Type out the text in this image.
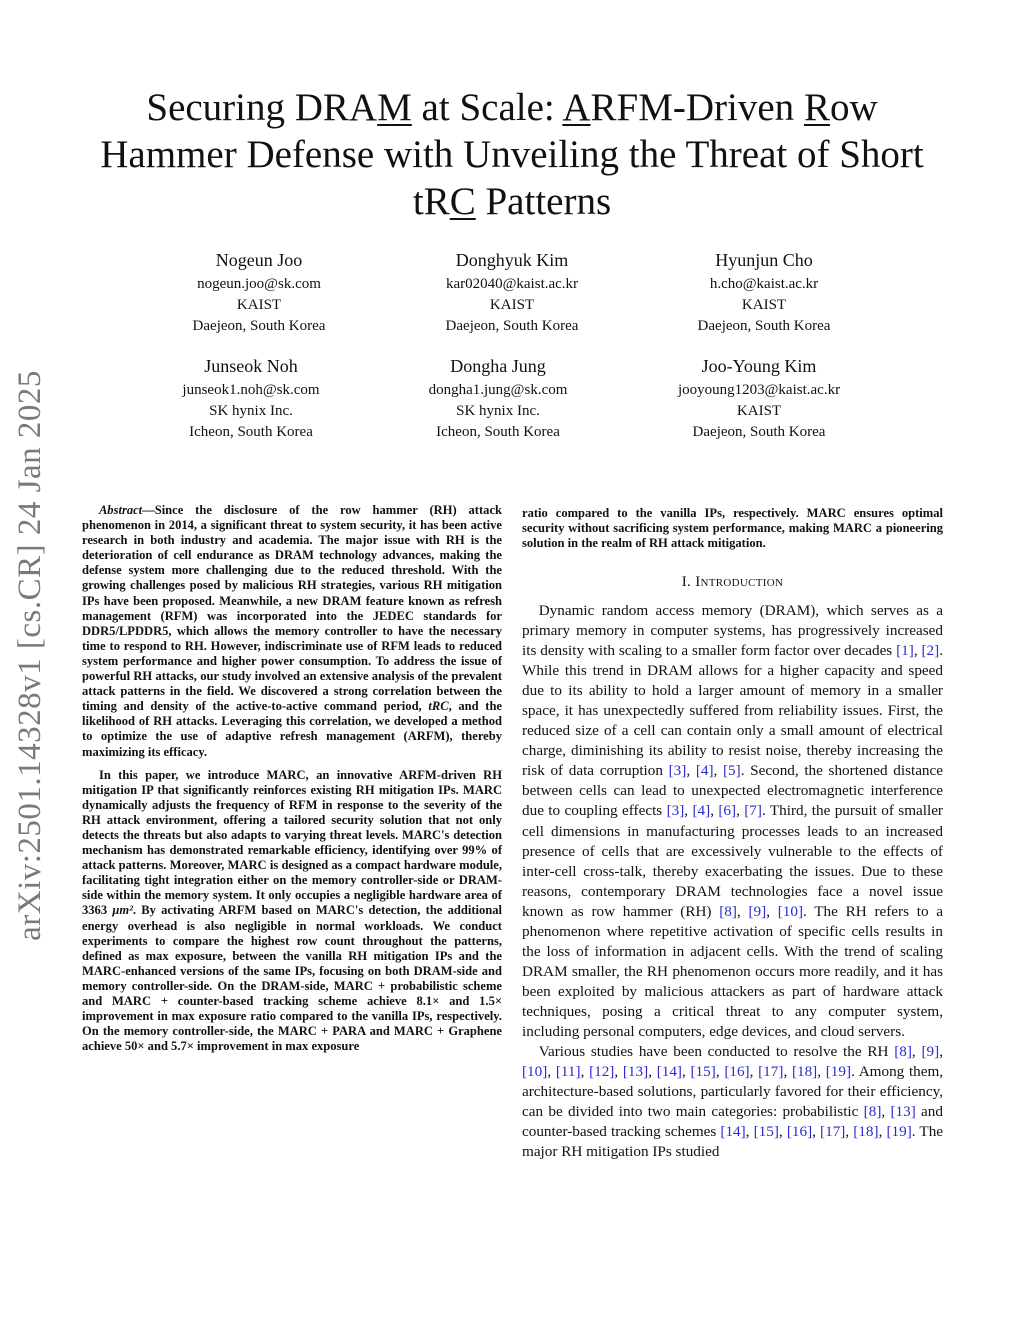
arXiv:2501.14328v1 [cs.CR] 24 Jan 2025
Securing DRAM at Scale: ARFM-Driven Row
Hammer Defense with Unveiling the Threat of Short
tRC Patterns
Nogeun Joo
nogeun.joo@sk.com
KAIST
Daejeon, South Korea
Donghyuk Kim
kar02040@kaist.ac.kr
KAIST
Daejeon, South Korea
Hyunjun Cho
h.cho@kaist.ac.kr
KAIST
Daejeon, South Korea
Junseok Noh
junseok1.noh@sk.com
SK hynix Inc.
Icheon, South Korea
Dongha Jung
dongha1.jung@sk.com
SK hynix Inc.
Icheon, South Korea
Joo-Young Kim
jooyoung1203@kaist.ac.kr
KAIST
Daejeon, South Korea

Abstract—Since the disclosure of the row hammer (RH) attack phenomenon in 2014, a significant threat to system security, it has been active research in both industry and academia. The major issue with RH is the deterioration of cell endurance as DRAM technology advances, making the defense system more challenging due to the reduced threshold. With the growing challenges posed by malicious RH strategies, various RH mitigation IPs have been proposed. Meanwhile, a new DRAM feature known as refresh management (RFM) was incorporated into the JEDEC standards for DDR5/LPDDR5, which allows the memory controller to have the necessary time to respond to RH. However, indiscriminate use of RFM leads to reduced system performance and higher power consumption. To address the issue of powerful RH attacks, our study involved an extensive analysis of the prevalent attack patterns in the field. We discovered a strong correlation between the timing and density of the active-to-active command period, tRC, and the likelihood of RH attacks. Leveraging this correlation, we developed a method to optimize the use of adaptive refresh management (ARFM), thereby maximizing its efficacy.

In this paper, we introduce MARC, an innovative ARFM-driven RH mitigation IP that significantly reinforces existing RH mitigation IPs. MARC dynamically adjusts the frequency of RFM in response to the severity of the RH attack environment, offering a tailored security solution that not only detects the threats but also adapts to varying threat levels. MARC's detection mechanism has demonstrated remarkable efficiency, identifying over 99% of attack patterns. Moreover, MARC is designed as a compact hardware module, facilitating tight integration either on the memory controller-side or DRAM-side within the memory system. It only occupies a negligible hardware area of 3363 μm². By activating ARFM based on MARC's detection, the additional energy overhead is also negligible in normal workloads. We conduct experiments to compare the highest row count throughout the patterns, defined as max exposure, between the vanilla RH mitigation IPs and the MARC-enhanced versions of the same IPs, focusing on both DRAM-side and memory controller-side. On the DRAM-side, MARC + probabilistic scheme and MARC + counter-based tracking scheme achieve 8.1× and 1.5× improvement in max exposure ratio compared to the vanilla IPs, respectively. On the memory controller-side, the MARC + PARA and MARC + Graphene achieve 50× and 5.7× improvement in max exposure

ratio compared to the vanilla IPs, respectively. MARC ensures optimal security without sacrificing system performance, making MARC a pioneering solution in the realm of RH attack mitigation.

I. Introduction

Dynamic random access memory (DRAM), which serves as a primary memory in computer systems, has progressively increased its density with scaling to a smaller form factor over decades [1], [2]. While this trend in DRAM allows for a higher capacity and speed due to its ability to hold a larger amount of memory in a smaller space, it has unexpectedly suffered from reliability issues. First, the reduced size of a cell can contain only a small amount of electrical charge, diminishing its ability to resist noise, thereby increasing the risk of data corruption [3], [4], [5]. Second, the shortened distance between cells can lead to unexpected electromagnetic interference due to coupling effects [3], [4], [6], [7]. Third, the pursuit of smaller cell dimensions in manufacturing processes leads to an increased presence of cells that are excessively vulnerable to the effects of inter-cell cross-talk, thereby exacerbating the issues. Due to these reasons, contemporary DRAM technologies face a novel issue known as row hammer (RH) [8], [9], [10]. The RH refers to a phenomenon where repetitive activation of specific cells results in the loss of information in adjacent cells. With the trend of scaling DRAM smaller, the RH phenomenon occurs more readily, and it has been exploited by malicious attackers as part of hardware attack techniques, posing a critical threat to any computer system, including personal computers, edge devices, and cloud servers.

Various studies have been conducted to resolve the RH [8], [9], [10], [11], [12], [13], [14], [15], [16], [17], [18], [19]. Among them, architecture-based solutions, particularly favored for their efficiency, can be divided into two main categories: probabilistic [8], [13] and counter-based tracking schemes [14], [15], [16], [17], [18], [19]. The major RH mitigation IPs studied
